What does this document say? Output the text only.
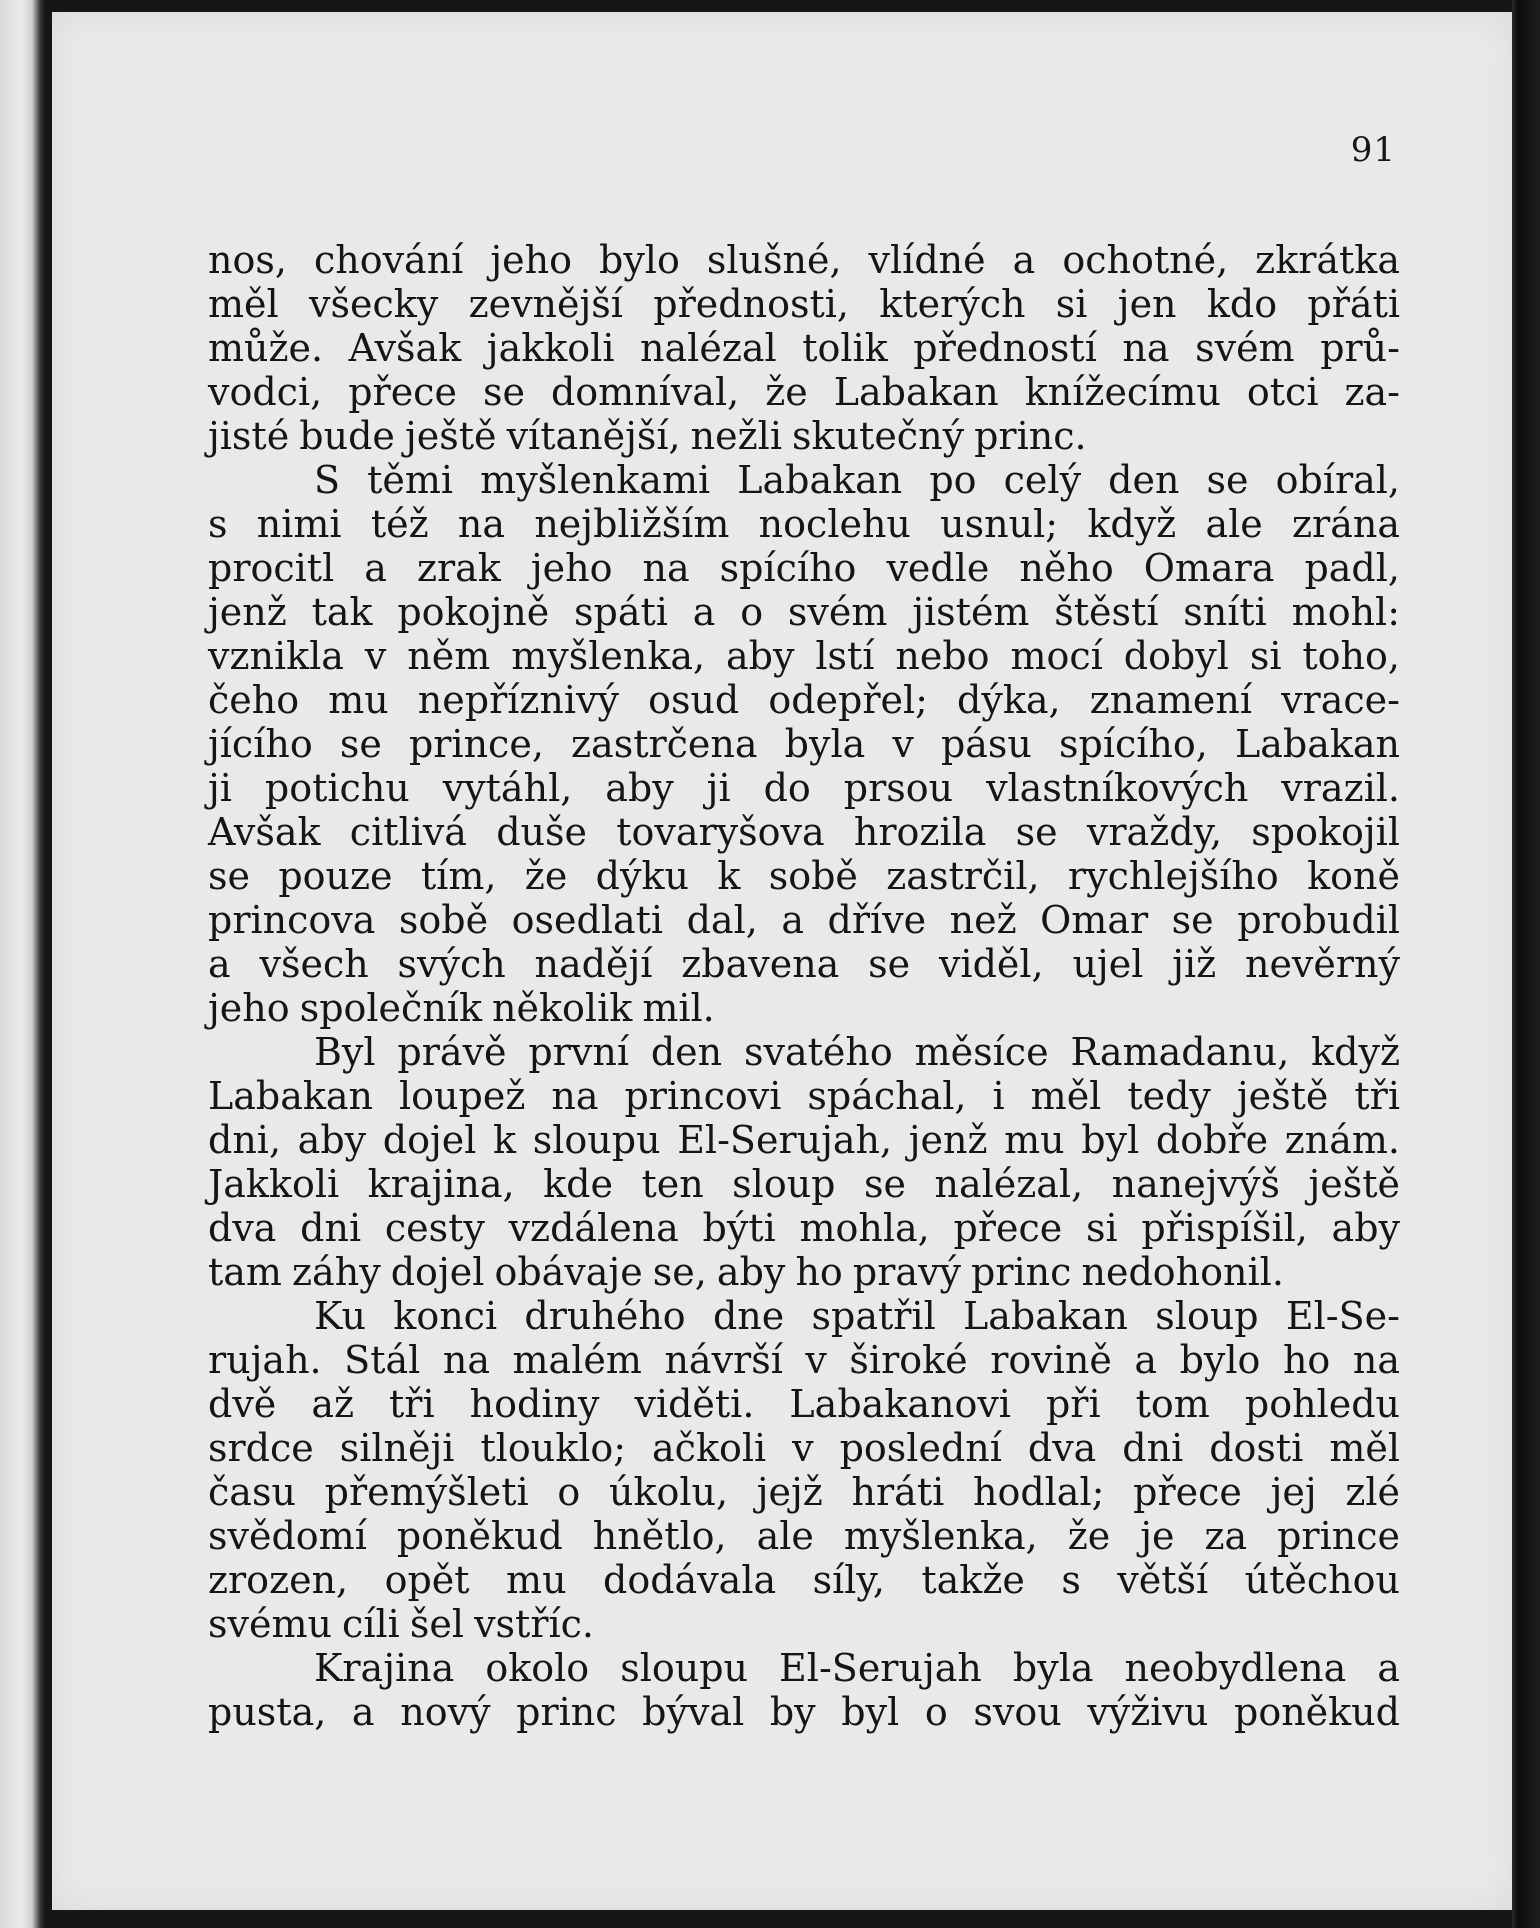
91
nos, chování jeho bylo slušné, vlídné a ochotné, zkrátka
měl všecky zevnější přednosti, kterých si jen kdo přáti
může. Avšak jakkoli nalézal tolik předností na svém prů-
vodci, přece se domníval, že Labakan knížecímu otci za-
jisté bude ještě vítanější, nežli skutečný princ.
S těmi myšlenkami Labakan po celý den se obíral,
s nimi též na nejbližším noclehu usnul; když ale zrána
procitl a zrak jeho na spícího vedle něho Omara padl,
jenž tak pokojně spáti a o svém jistém štěstí sníti mohl:
vznikla v něm myšlenka, aby lstí nebo mocí dobyl si toho,
čeho mu nepříznivý osud odepřel; dýka, znamení vrace-
jícího se prince, zastrčena byla v pásu spícího, Labakan
ji potichu vytáhl, aby ji do prsou vlastníkových vrazil.
Avšak citlivá duše tovaryšova hrozila se vraždy, spokojil
se pouze tím, že dýku k sobě zastrčil, rychlejšího koně
princova sobě osedlati dal, a dříve než Omar se probudil
a všech svých nadějí zbavena se viděl, ujel již nevěrný
jeho společník několik mil.
Byl právě první den svatého měsíce Ramadanu, když
Labakan loupež na princovi spáchal, i měl tedy ještě tři
dni, aby dojel k sloupu El-Serujah, jenž mu byl dobře znám.
Jakkoli krajina, kde ten sloup se nalézal, nanejvýš ještě
dva dni cesty vzdálena býti mohla, přece si přispíšil, aby
tam záhy dojel obávaje se, aby ho pravý princ nedohonil.
Ku konci druhého dne spatřil Labakan sloup El-Se-
rujah. Stál na malém návrší v široké rovině a bylo ho na
dvě až tři hodiny viděti. Labakanovi při tom pohledu
srdce silněji tlouklo; ačkoli v poslední dva dni dosti měl
času přemýšleti o úkolu, jejž hráti hodlal; přece jej zlé
svědomí poněkud hnětlo, ale myšlenka, že je za prince
zrozen, opět mu dodávala síly, takže s větší útěchou
svému cíli šel vstříc.
Krajina okolo sloupu El-Serujah byla neobydlena a
pusta, a nový princ býval by byl o svou výživu poněkud
